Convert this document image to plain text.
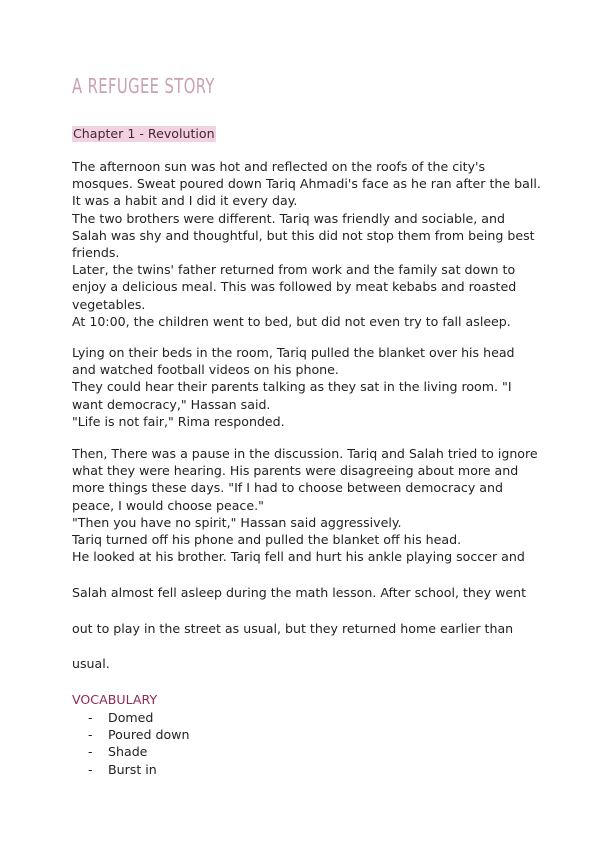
A REFUGEE STORY
Chapter 1 - Revolution
The afternoon sun was hot and reflected on the roofs of the city's
mosques. Sweat poured down Tariq Ahmadi's face as he ran after the ball.
It was a habit and I did it every day.
The two brothers were different. Tariq was friendly and sociable, and
Salah was shy and thoughtful, but this did not stop them from being best
friends.
Later, the twins' father returned from work and the family sat down to
enjoy a delicious meal. This was followed by meat kebabs and roasted
vegetables.
At 10:00, the children went to bed, but did not even try to fall asleep.
Lying on their beds in the room, Tariq pulled the blanket over his head
and watched football videos on his phone.
They could hear their parents talking as they sat in the living room. "I
want democracy," Hassan said.
"Life is not fair," Rima responded.
Then, There was a pause in the discussion. Tariq and Salah tried to ignore
what they were hearing. His parents were disagreeing about more and
more things these days. "If I had to choose between democracy and
peace, I would choose peace."
"Then you have no spirit," Hassan said aggressively.
Tariq turned off his phone and pulled the blanket off his head.
He looked at his brother. Tariq fell and hurt his ankle playing soccer and
Salah almost fell asleep during the math lesson. After school, they went
out to play in the street as usual, but they returned home earlier than
usual.
VOCABULARY
-	Domed
-	Poured down
-	Shade
-	Burst in
